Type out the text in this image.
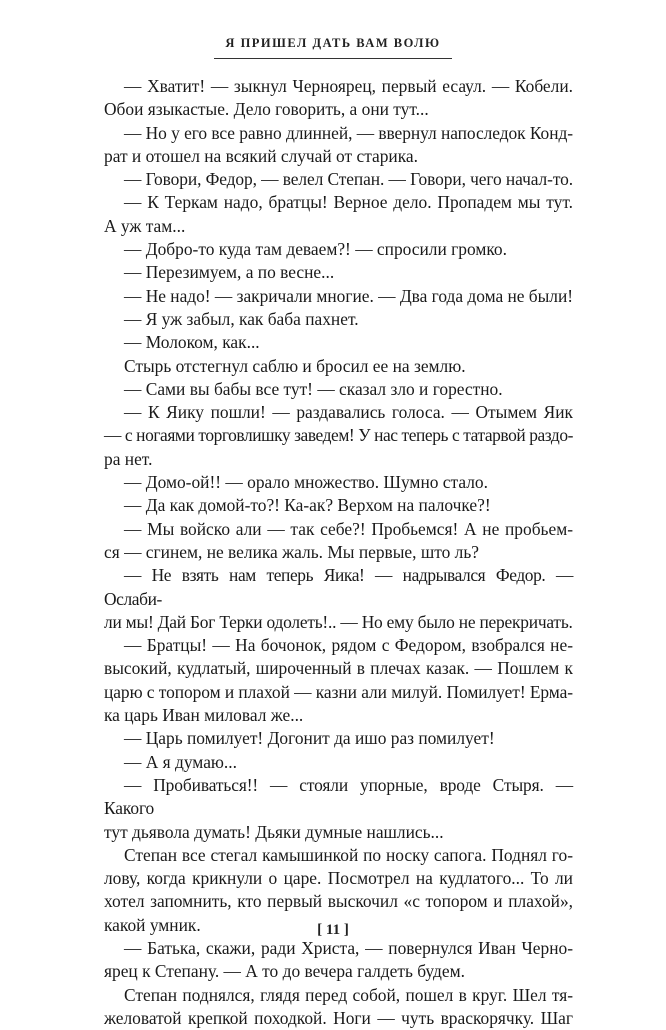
Я ПРИШЕЛ ДАТЬ ВАМ ВОЛЮ

— Хватит! — зыкнул Черноярец, первый есаул. — Кобели.

Обои языкастые. Дело говорить, а они тут...

— Но у его все равно длинней, — ввернул напоследок Конд-

рат и отошел на всякий случай от старика.

— Говори, Федор, — велел Степан. — Говори, чего начал-то.

— К Теркам надо, братцы! Верное дело. Пропадем мы тут.

А уж там...

— Добро-то куда там деваем?! — спросили громко.

— Перезимуем, а по весне...

— Не надо! — закричали многие. — Два года дома не были!

— Я уж забыл, как баба пахнет.

— Молоком, как...

Стырь отстегнул саблю и бросил ее на землю.

— Сами вы бабы все тут! — сказал зло и горестно.

— К Яику пошли! — раздавались голоса. — Отымем Яик

— с ногаями торговлишку заведем! У нас теперь с татарвой раздо-

ра нет.

— Домо-ой!! — орало множество. Шумно стало.

— Да как домой-то?! Ка-ак? Верхом на палочке?!

— Мы войско али — так себе?! Пробьемся! А не пробьем-

ся — сгинем, не велика жаль. Мы первые, што ль?

— Не взять нам теперь Яика! — надрывался Федор. — Ослаби-

ли мы! Дай Бог Терки одолеть!.. — Но ему было не перекричать.

— Братцы! — На бочонок, рядом с Федором, взобрался не-

высокий, кудлатый, широченный в плечах казак. — Пошлем к

царю с топором и плахой — казни али милуй. Помилует! Ерма-

ка царь Иван миловал же...

— Царь помилует! Догонит да ишо раз помилует!

— А я думаю...

— Пробиваться!! — стояли упорные, вроде Стыря. — Какого

тут дьявола думать! Дьяки думные нашлись...

Степан все стегал камышинкой по носку сапога. Поднял го-

лову, когда крикнули о царе. Посмотрел на кудлатого... То ли

хотел запомнить, кто первый выскочил «с топором и плахой»,

какой умник.

— Батька, скажи, ради Христа, — повернулся Иван Черно-

ярец к Степану. — А то до вечера галдеть будем.

Степан поднялся, глядя перед собой, пошел в круг. Шел тя-

желоватой крепкой походкой. Ноги — чуть враскорячку. Шаг

[ 11 ]
